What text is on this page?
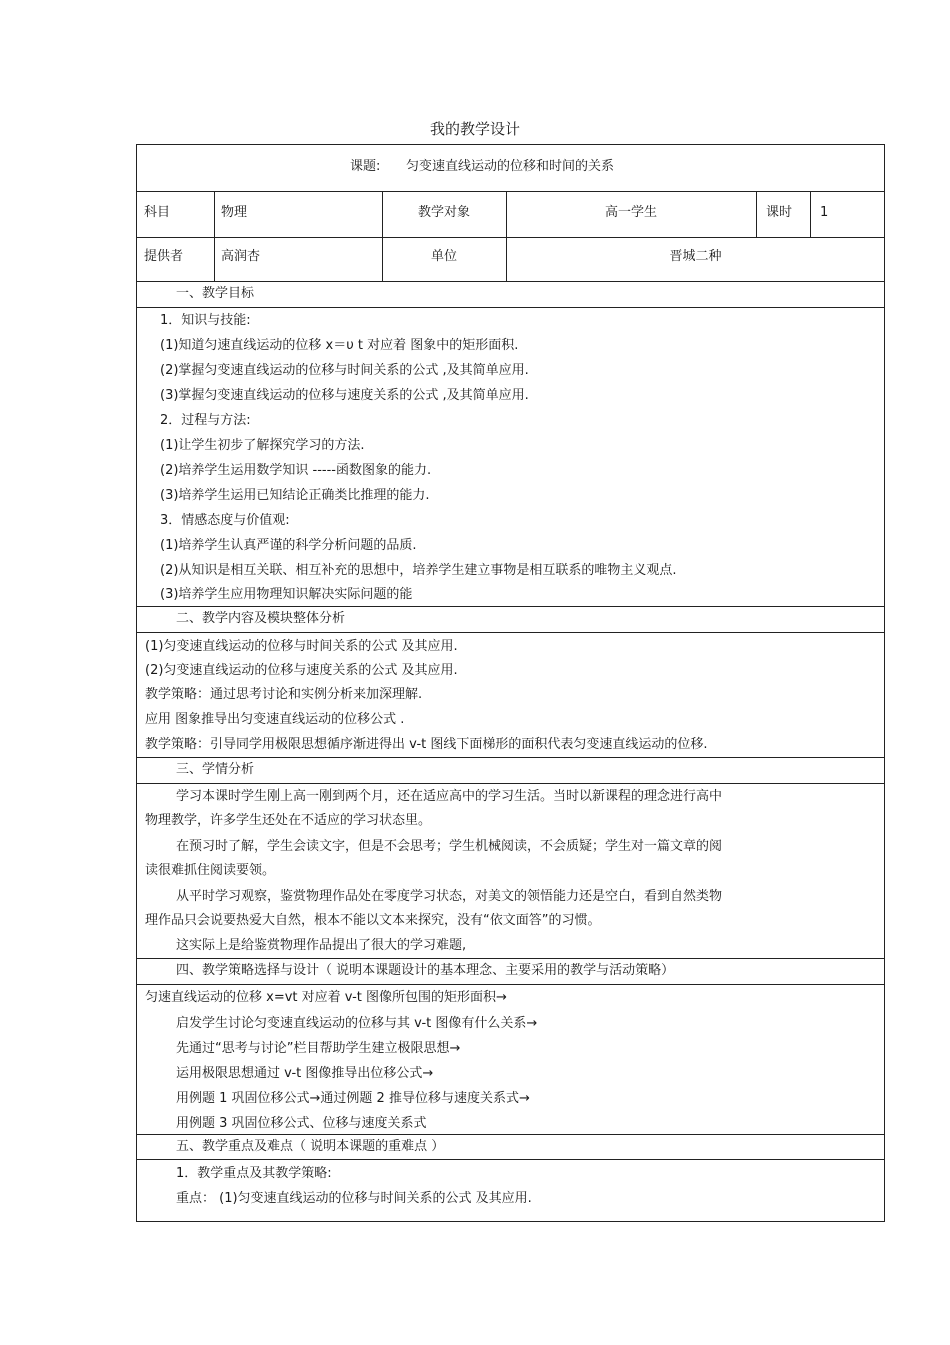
我的教学设计
课题: 匀变速直线运动的位移和时间的关系
科目	物理	教学对象	高一学生	课时 1
提供者	高润杏	单位	晋城二种
一、教学目标
1．知识与技能:
(1)知道匀速直线运动的位移 x＝υ t 对应着 图象中的矩形面积.
(2)掌握匀变速直线运动的位移与时间关系的公式 ,及其简单应用.
(3)掌握匀变速直线运动的位移与速度关系的公式 ,及其简单应用.
2．过程与方法:
(1)让学生初步了解探究学习的方法.
(2)培养学生运用数学知识 -----函数图象的能力.
(3)培养学生运用已知结论正确类比推理的能力.
3．情感态度与价值观:
(1)培养学生认真严谨的科学分析问题的品质.
(2)从知识是相互关联、相互补充的思想中，培养学生建立事物是相互联系的唯物主义观点.
(3)培养学生应用物理知识解决实际问题的能
二、教学内容及模块整体分析
(1)匀变速直线运动的位移与时间关系的公式 及其应用.
(2)匀变速直线运动的位移与速度关系的公式 及其应用.
教学策略：通过思考讨论和实例分析来加深理解.
应用 图象推导出匀变速直线运动的位移公式 .
教学策略：引导同学用极限思想循序渐进得出 v-t 图线下面梯形的面积代表匀变速直线运动的位移.
三、学情分析
学习本课时学生刚上高一刚到两个月，还在适应高中的学习生活。当时以新课程的理念进行高中
物理教学，许多学生还处在不适应的学习状态里。
在预习时了解，学生会读文字，但是不会思考；学生机械阅读，不会质疑；学生对一篇文章的阅
读很难抓住阅读要领。
从平时学习观察，鉴赏物理作品处在零度学习状态，对美文的领悟能力还是空白，看到自然类物
理作品只会说要热爱大自然，根本不能以文本来探究，没有“依文面答”的习惯。
这实际上是给鉴赏物理作品提出了很大的学习难题,
四、教学策略选择与设计（ 说明本课题设计的基本理念、主要采用的教学与活动策略）
匀速直线运动的位移 x=vt 对应着 v-t 图像所包围的矩形面积→
启发学生讨论匀变速直线运动的位移与其 v-t 图像有什么关系→
先通过“思考与讨论”栏目帮助学生建立极限思想→
运用极限思想通过 v-t 图像推导出位移公式→
用例题 1 巩固位移公式→通过例题 2 推导位移与速度关系式→
用例题 3 巩固位移公式、位移与速度关系式
五、教学重点及难点（ 说明本课题的重难点 ）
1．教学重点及其教学策略:
重点： (1)匀变速直线运动的位移与时间关系的公式 及其应用.
